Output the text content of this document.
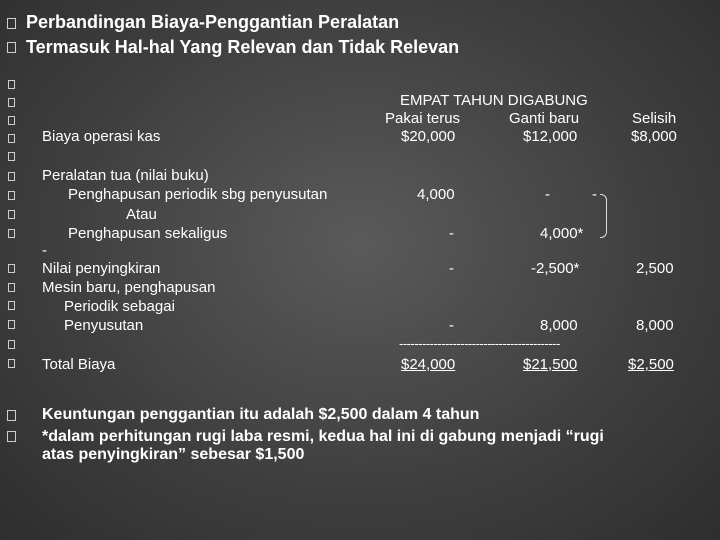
Perbandingan Biaya-Penggantian Peralatan
Termasuk Hal-hal Yang Relevan dan Tidak Relevan
EMPAT TAHUN DIGABUNG
Pakai terus	Ganti baru	Selisih
Biaya operasi kas	$20,000	$12,000	$8,000
Peralatan tua (nilai buku)
Penghapusan periodik sbg penyusutan	4,000	-	-
Atau
Penghapusan sekaligus	-	4,000*
-
Nilai penyingkiran	-	-2,500*	2,500
Mesin baru, penghapusan
Periodik sebagai
Penyusutan	-	8,000	8,000
------------------------------------------
Total Biaya	$24,000	$21,500	$2,500
Keuntungan penggantian itu adalah $2,500 dalam 4 tahun
*dalam perhitungan rugi laba resmi, kedua hal ini di gabung menjadi “rugi
atas penyingkiran” sebesar $1,500
